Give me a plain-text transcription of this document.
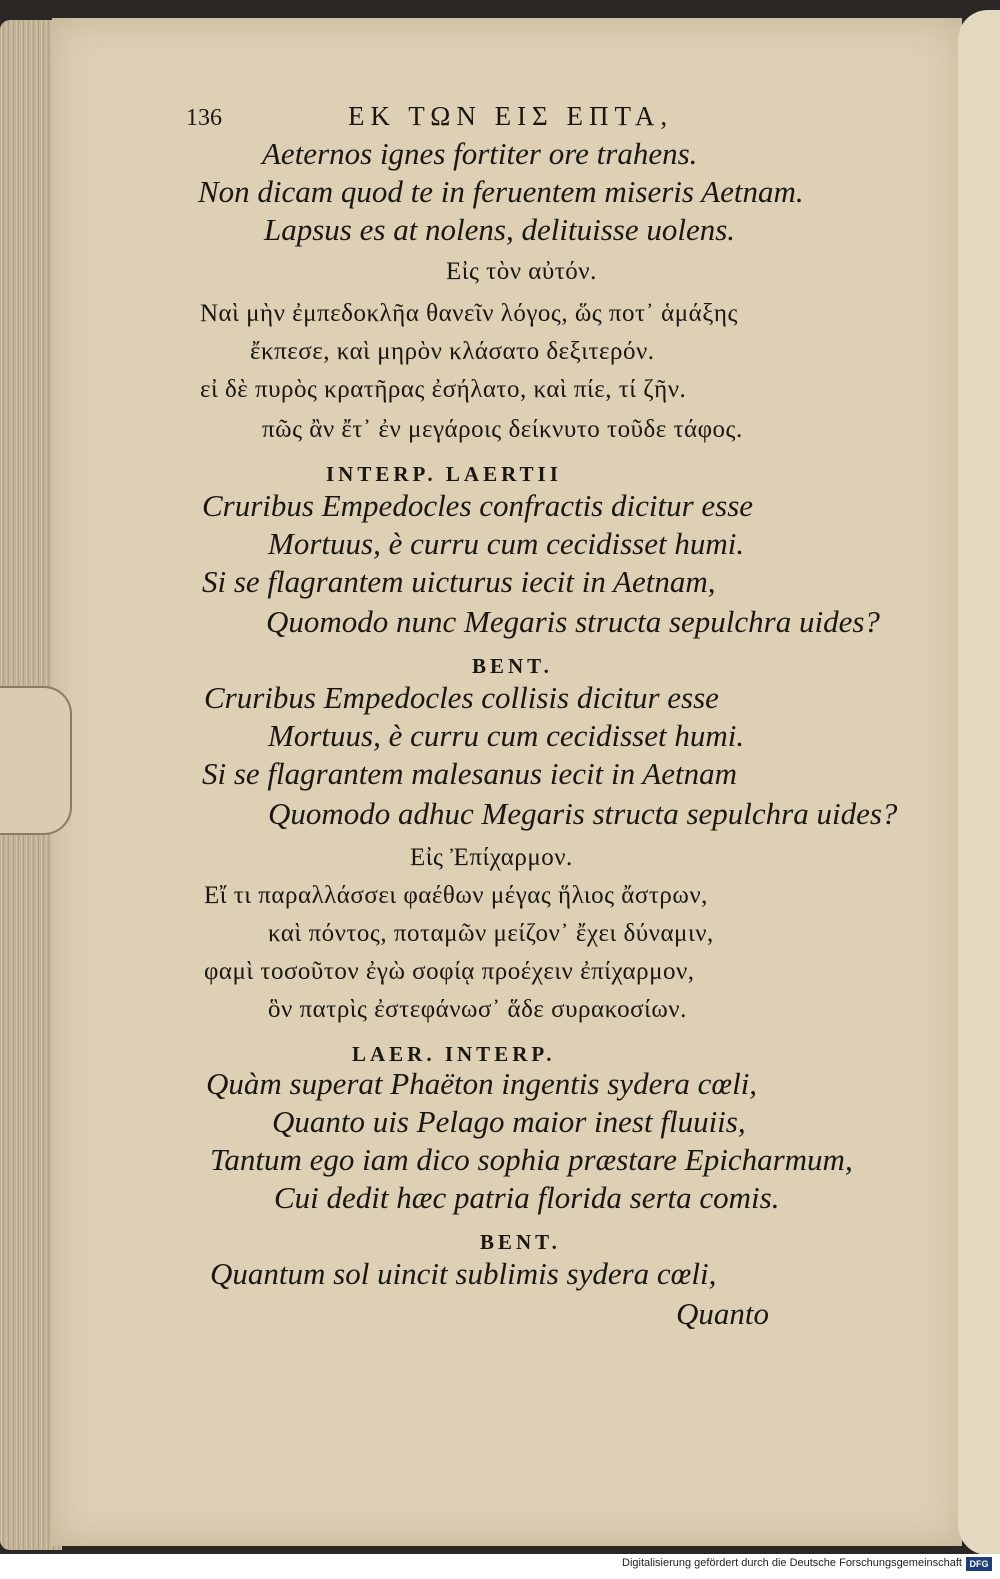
136	ΕΚ ΤΩΝ ΕΙΣ ΕΠΤΑ,
Aeternos ignes fortiter ore trahens.
Non dicam quod te in feruentem miseris Aetnam.
Lapsus es at nolens, delituisse uolens.
Εἰς τὸν αὐτόν.
Ναὶ μὴν ἐμπεδοκλῆα θανεῖν λόγος, ὥς ποτ᾽ ἁμάξης
ἔκπεσε, καὶ μηρὸν κλάσατο δεξιτερόν.
εἰ δὲ πυρὸς κρατῆρας ἐσήλατο, καὶ πίε, τί ζῆν.
πῶς ἂν ἔτ᾽ ἐν μεγάροις δείκνυτο τοῦδε τάφος.
INTERP. LAERTII
Cruribus Empedocles confractis dicitur esse
Mortuus, è curru cum cecidisset humi.
Si se flagrantem uicturus iecit in Aetnam,
Quomodo nunc Megaris structa sepulchra uides?
BENT.
Cruribus Empedocles collisis dicitur esse
Mortuus, è curru cum cecidisset humi.
Si se flagrantem malesanus iecit in Aetnam
Quomodo adhuc Megaris structa sepulchra uides?
Εἰς Ἐπίχαρμον.
Εἴ τι παραλλάσσει φαέθων μέγας ἥλιος ἄστρων,
καὶ πόντος, ποταμῶν μείζον᾽ ἔχει δύναμιν,
φαμὶ τοσοῦτον ἐγὼ σοφίᾳ προέχειν ἐπίχαρμον,
ὃν πατρὶς ἐστεφάνωσ᾽ ἅδε συρακοσίων.
LAER. INTERP.
Quàm superat Phaëton ingentis sydera cœli,
Quanto uis Pelago maior inest fluuiis,
Tantum ego iam dico sophia præstare Epicharmum,
Cui dedit hæc patria florida serta comis.
BENT.
Quantum sol uincit sublimis sydera cœli,
Quanto
Digitalisierung gefördert durch die Deutsche Forschungsgemeinschaft DFG
